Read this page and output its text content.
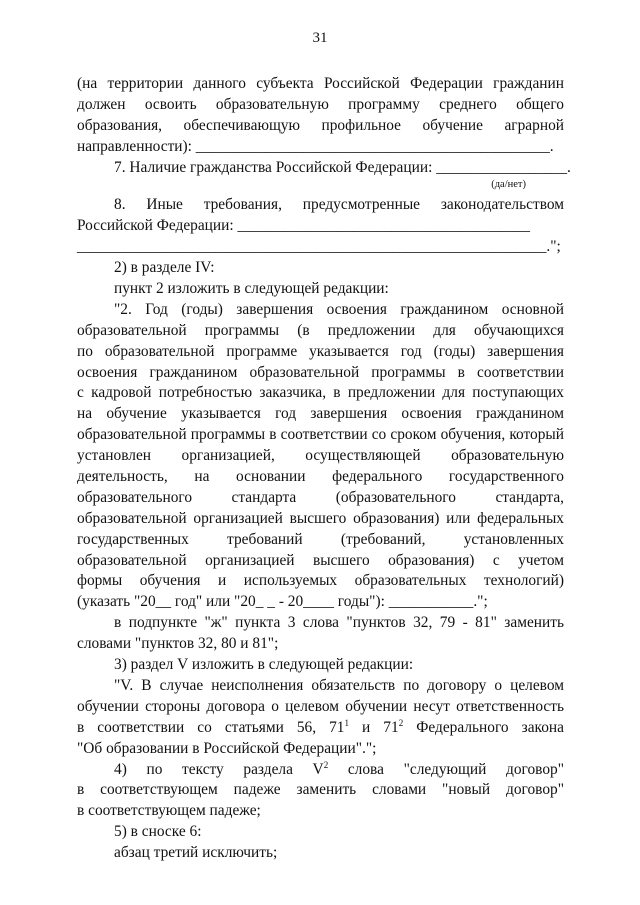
31
(на территории данного субъекта Российской Федерации гражданин
должен освоить образовательную программу среднего общего
образования, обеспечивающую профильное обучение аграрной
направленности): ______________________________________________.
7. Наличие гражданства Российской Федерации: _________________.
(да/нет)
8. Иные требования, предусмотренные законодательством
Российской Федерации: ______________________________________
_____________________________________________________________.";
2) в разделе IV:
пункт 2 изложить в следующей редакции:
"2. Год (годы) завершения освоения гражданином основной
образовательной программы (в предложении для обучающихся
по образовательной программе указывается год (годы) завершения
освоения гражданином образовательной программы в соответствии
с кадровой потребностью заказчика, в предложении для поступающих
на обучение указывается год завершения освоения гражданином
образовательной программы в соответствии со сроком обучения, который
установлен организацией, осуществляющей образовательную
деятельность, на основании федерального государственного
образовательного стандарта (образовательного стандарта,
образовательной организацией высшего образования) или федеральных
государственных требований (требований, установленных
образовательной организацией высшего образования) с учетом
формы обучения и используемых образовательных технологий)
(указать "20__ год" или "20_ _ - 20____ годы"): ___________.";
в подпункте "ж" пункта 3 слова "пунктов 32, 79 - 81" заменить
словами "пунктов 32, 80 и 81";
3) раздел V изложить в следующей редакции:
"V. В случае неисполнения обязательств по договору о целевом
обучении стороны договора о целевом обучении несут ответственность
в соответствии со статьями 56, $71^1$ и $71^2$ Федерального закона
"Об образовании в Российской Федерации".";
4) по тексту раздела $V^2$ слова "следующий договор"
в соответствующем падеже заменить словами "новый договор"
в соответствующем падеже;
5) в сноске 6:
абзац третий исключить;
